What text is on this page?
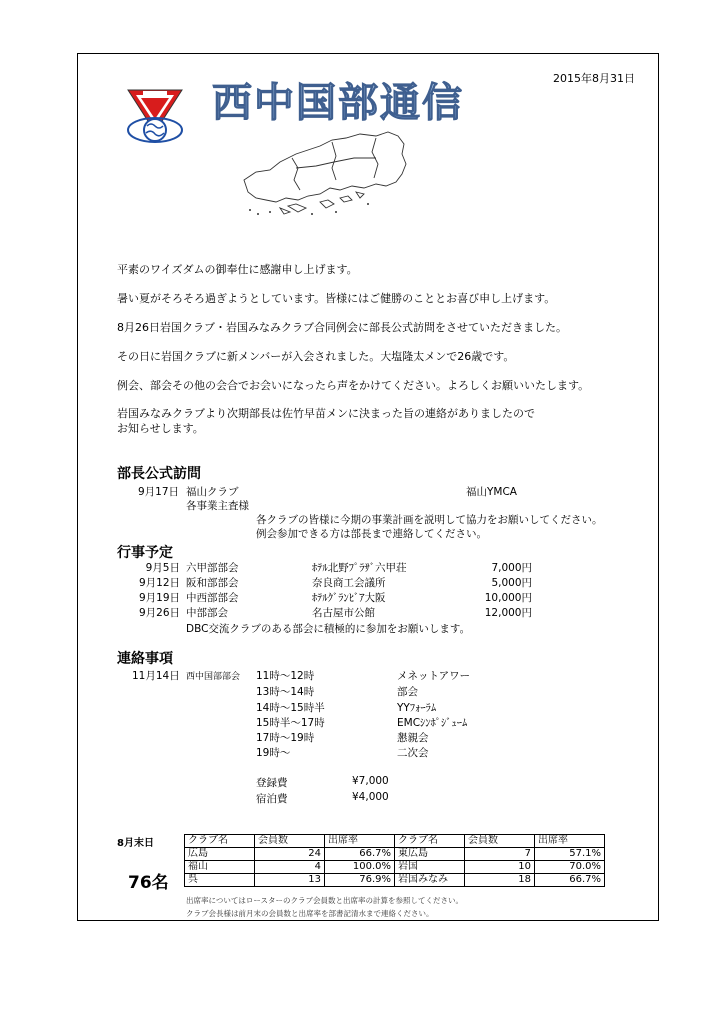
2015年8月31日
西中国部通信
平素のワイズダムの御奉仕に感謝申し上げます。
暑い夏がそろそろ過ぎようとしています。皆様にはご健勝のこととお喜び申し上げます。
8月26日岩国クラブ・岩国みなみクラブ合同例会に部長公式訪問をさせていただきました。
その日に岩国クラブに新メンバーが入会されました。大塩隆太メンで26歳です。
例会、部会その他の会合でお会いになったら声をかけてください。よろしくお願いいたします。
岩国みなみクラブより次期部長は佐竹早苗メンに決まった旨の連絡がありましたので
お知らせします。
部長公式訪問
9月17日 福山クラブ	福山YMCA
各事業主査様
各クラブの皆様に今期の事業計画を説明して協力をお願いしてください。
例会参加できる方は部長まで連絡してください。
行事予定
9月5日 六甲部部会	ﾎﾃﾙ北野ﾌﾟﾗｻﾞ六甲荘	7,000円
9月12日 阪和部部会	奈良商工会議所	5,000円
9月19日 中西部部会	ﾎﾃﾙｸﾞﾗﾝﾋﾞｱ大阪	10,000円
9月26日 中部部会	名古屋市公館	12,000円
DBC交流クラブのある部会に積極的に参加をお願いします。
連絡事項
11月14日 西中国部部会 11時～12時	メネットアワー
13時～14時	部会
14時～15時半	YYﾌｫｰﾗﾑ
15時半～17時	EMCｼﾝﾎﾟｼﾞｭｰﾑ
17時～19時	懇親会
19時～	二次会
登録費	¥7,000
宿泊費	¥4,000
8月末日
76名
クラブ名	会員数	出席率	クラブ名	会員数	出席率
広島	24	66.7%	東広島	7	57.1%
福山	4	100.0%	岩国	10	70.0%
呉	13	76.9%	岩国みなみ	18	66.7%
出席率についてはロースターのクラブ会員数と出席率の計算を参照してください。
クラブ会長様は前月末の会員数と出席率を部書記清水まで連絡ください。
